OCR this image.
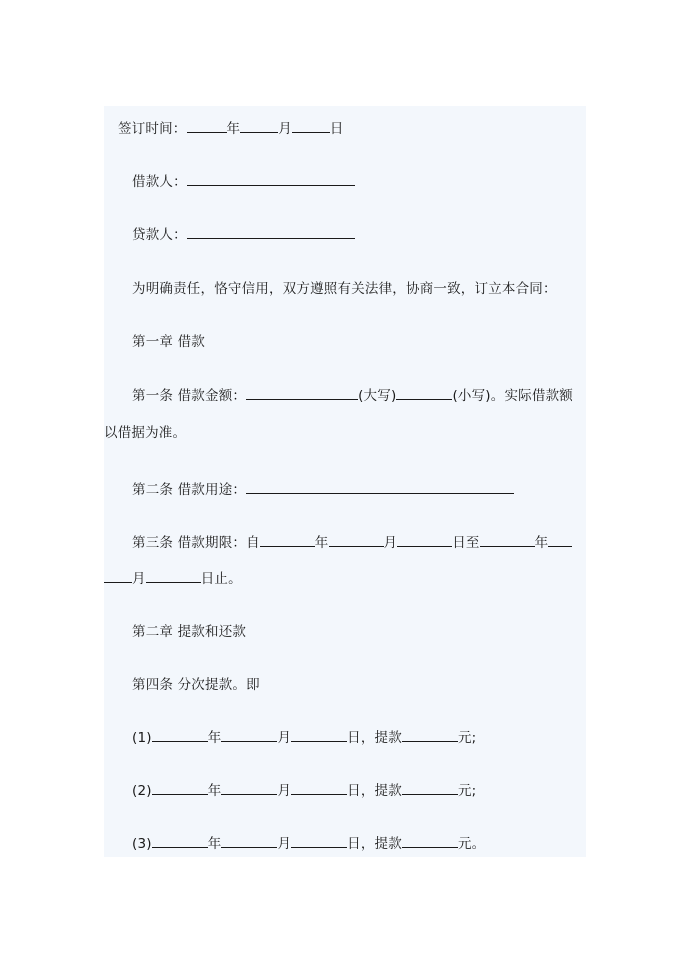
签订时间：	年	月	日
借款人：
贷款人：
为明确责任，恪守信用，双方遵照有关法律，协商一致，订立本合同：
第一章 借款
第一条 借款金额：	(大写)	(小写)。实际借款额
以借据为准。
第二条 借款用途：
第三条 借款期限：自	年	月	日至	年
月	日止。
第二章 提款和还款
第四条 分次提款。即
(1)	年	月	日，提款	元;
(2)	年	月	日，提款	元;
(3)	年	月	日，提款	元。
